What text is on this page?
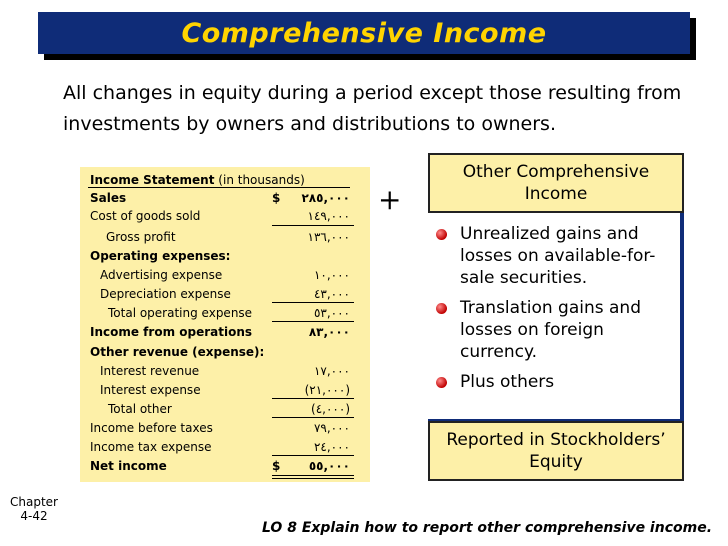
Comprehensive Income
All changes in equity during a period except those resulting from investments by owners and distributions to owners.
Income Statement (in thousands)
Sales	$ ٢٨٥,٠٠٠
Cost of goods sold	١٤٩,٠٠٠
Gross profit	١٣٦,٠٠٠
Operating expenses:
Advertising expense	١٠,٠٠٠
Depreciation expense	٤٣,٠٠٠
Total operating expense	٥٣,٠٠٠
Income from operations	٨٣,٠٠٠
Other revenue (expense):
Interest revenue	١٧,٠٠٠
Interest expense	(٢١,٠٠٠)
Total other	(٤,٠٠٠)
Income before taxes	٧٩,٠٠٠
Income tax expense	٢٤,٠٠٠
Net income	$ ٥٥,٠٠٠
+
Other Comprehensive Income
Unrealized gains and losses on available-for-sale securities.
Translation gains and losses on foreign currency.
Plus others
Reported in Stockholders’ Equity
Chapter
4-42
LO 8 Explain how to report other comprehensive income.
